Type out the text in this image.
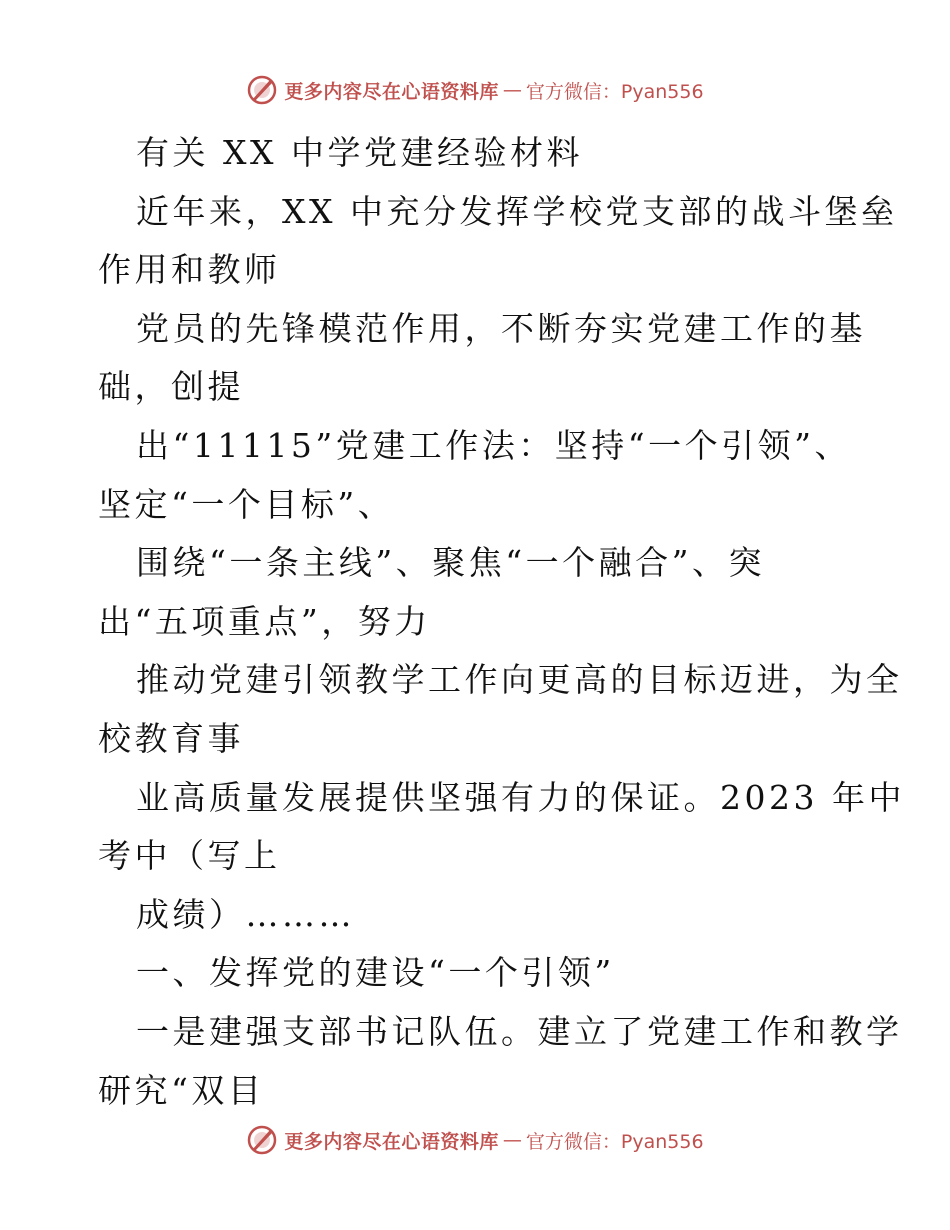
更多内容尽在心语资料库 — 官方微信：Pyan556
有关 XX 中学党建经验材料
近年来，XX 中充分发挥学校党支部的战斗堡垒
作用和教师
党员的先锋模范作用，不断夯实党建工作的基
础，创提
出“11115”党建工作法：坚持“一个引领”、
坚定“一个目标”、
围绕“一条主线”、聚焦“一个融合”、突
出“五项重点”，努力
推动党建引领教学工作向更高的目标迈进，为全
校教育事
业高质量发展提供坚强有力的保证。2023 年中
考中（写上
成绩）………
一、发挥党的建设“一个引领”
一是建强支部书记队伍。建立了党建工作和教学
研究“双目
更多内容尽在心语资料库 — 官方微信：Pyan556
